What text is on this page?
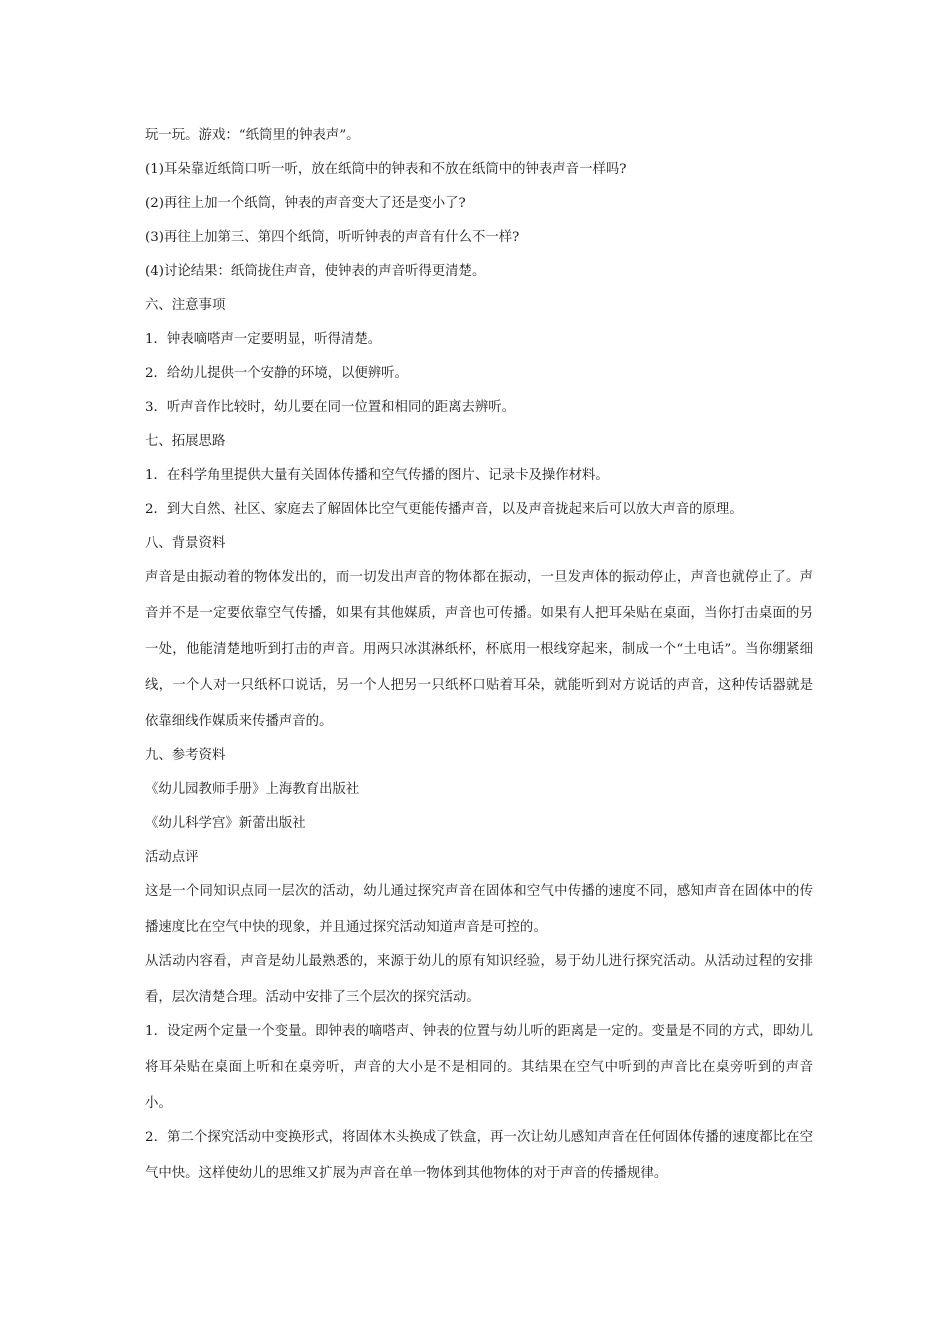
玩一玩。游戏：“纸筒里的钟表声”。

(1)耳朵靠近纸筒口听一听，放在纸筒中的钟表和不放在纸筒中的钟表声音一样吗?

(2)再往上加一个纸筒，钟表的声音变大了还是变小了?

(3)再往上加第三、第四个纸筒，听听钟表的声音有什么不一样?

(4)讨论结果：纸筒拢住声音，使钟表的声音听得更清楚。

六、注意事项

1．钟表嘀嗒声一定要明显，听得清楚。

2．给幼儿提供一个安静的环境，以便辨听。

3．听声音作比较时，幼儿要在同一位置和相同的距离去辨听。

七、拓展思路

1．在科学角里提供大量有关固体传播和空气传播的图片、记录卡及操作材料。

2．到大自然、社区、家庭去了解固体比空气更能传播声音，以及声音拢起来后可以放大声音的原理。

八、背景资料

声音是由振动着的物体发出的，而一切发出声音的物体都在振动，一旦发声体的振动停止，声音也就停止了。声音并不是一定要依靠空气传播，如果有其他媒质，声音也可传播。如果有人把耳朵贴在桌面，当你打击桌面的另一处，他能清楚地听到打击的声音。用两只冰淇淋纸杯，杯底用一根线穿起来，制成一个“土电话”。当你绷紧细线，一个人对一只纸杯口说话，另一个人把另一只纸杯口贴着耳朵，就能听到对方说话的声音，这种传话器就是依靠细线作媒质来传播声音的。

九、参考资料

《幼儿园教师手册》上海教育出版社

《幼儿科学宫》新蕾出版社

活动点评

这是一个同知识点同一层次的活动，幼儿通过探究声音在固体和空气中传播的速度不同，感知声音在固体中的传播速度比在空气中快的现象，并且通过探究活动知道声音是可控的。

从活动内容看，声音是幼儿最熟悉的，来源于幼儿的原有知识经验，易于幼儿进行探究活动。从活动过程的安排看，层次清楚合理。活动中安排了三个层次的探究活动。

1．设定两个定量一个变量。即钟表的嘀嗒声、钟表的位置与幼儿听的距离是一定的。变量是不同的方式，即幼儿将耳朵贴在桌面上听和在桌旁听，声音的大小是不是相同的。其结果在空气中听到的声音比在桌旁听到的声音小。

2．第二个探究活动中变换形式，将固体木头换成了铁盒，再一次让幼儿感知声音在任何固体传播的速度都比在空气中快。这样使幼儿的思维又扩展为声音在单一物体到其他物体的对于声音的传播规律。
